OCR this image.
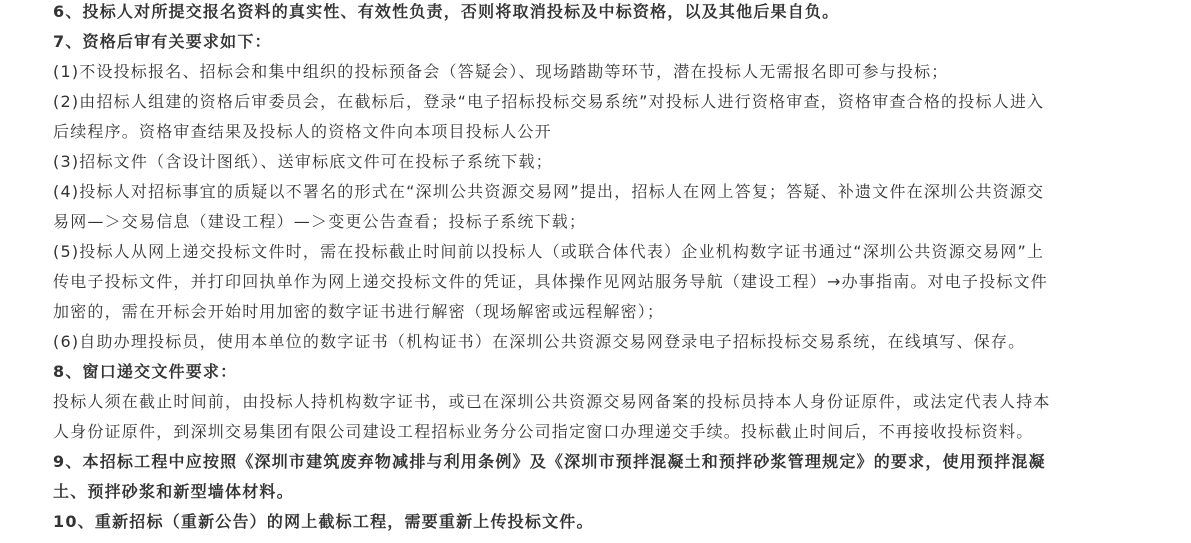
6、投标人对所提交报名资料的真实性、有效性负责，否则将取消投标及中标资格，以及其他后果自负。
7、资格后审有关要求如下：
(1)不设投标报名、招标会和集中组织的投标预备会（答疑会）、现场踏勘等环节，潜在投标人无需报名即可参与投标；
(2)由招标人组建的资格后审委员会，在截标后，登录“电子招标投标交易系统”对投标人进行资格审查，资格审查合格的投标人进入
后续程序。资格审查结果及投标人的资格文件向本项目投标人公开
(3)招标文件（含设计图纸）、送审标底文件可在投标子系统下载；
(4)投标人对招标事宜的质疑以不署名的形式在“深圳公共资源交易网”提出，招标人在网上答复；答疑、补遗文件在深圳公共资源交
易网—＞交易信息（建设工程）—＞变更公告查看；投标子系统下载；
(5)投标人从网上递交投标文件时，需在投标截止时间前以投标人（或联合体代表）企业机构数字证书通过“深圳公共资源交易网”上
传电子投标文件，并打印回执单作为网上递交投标文件的凭证，具体操作见网站服务导航（建设工程）→办事指南。对电子投标文件
加密的，需在开标会开始时用加密的数字证书进行解密（现场解密或远程解密）；
(6)自助办理投标员，使用本单位的数字证书（机构证书）在深圳公共资源交易网登录电子招标投标交易系统，在线填写、保存。
8、窗口递交文件要求：
投标人须在截止时间前，由投标人持机构数字证书，或已在深圳公共资源交易网备案的投标员持本人身份证原件，或法定代表人持本
人身份证原件，到深圳交易集团有限公司建设工程招标业务分公司指定窗口办理递交手续。投标截止时间后，不再接收投标资料。
9、本招标工程中应按照《深圳市建筑废弃物减排与利用条例》及《深圳市预拌混凝土和预拌砂浆管理规定》的要求，使用预拌混凝
土、预拌砂浆和新型墙体材料。
10、重新招标（重新公告）的网上截标工程，需要重新上传投标文件。
